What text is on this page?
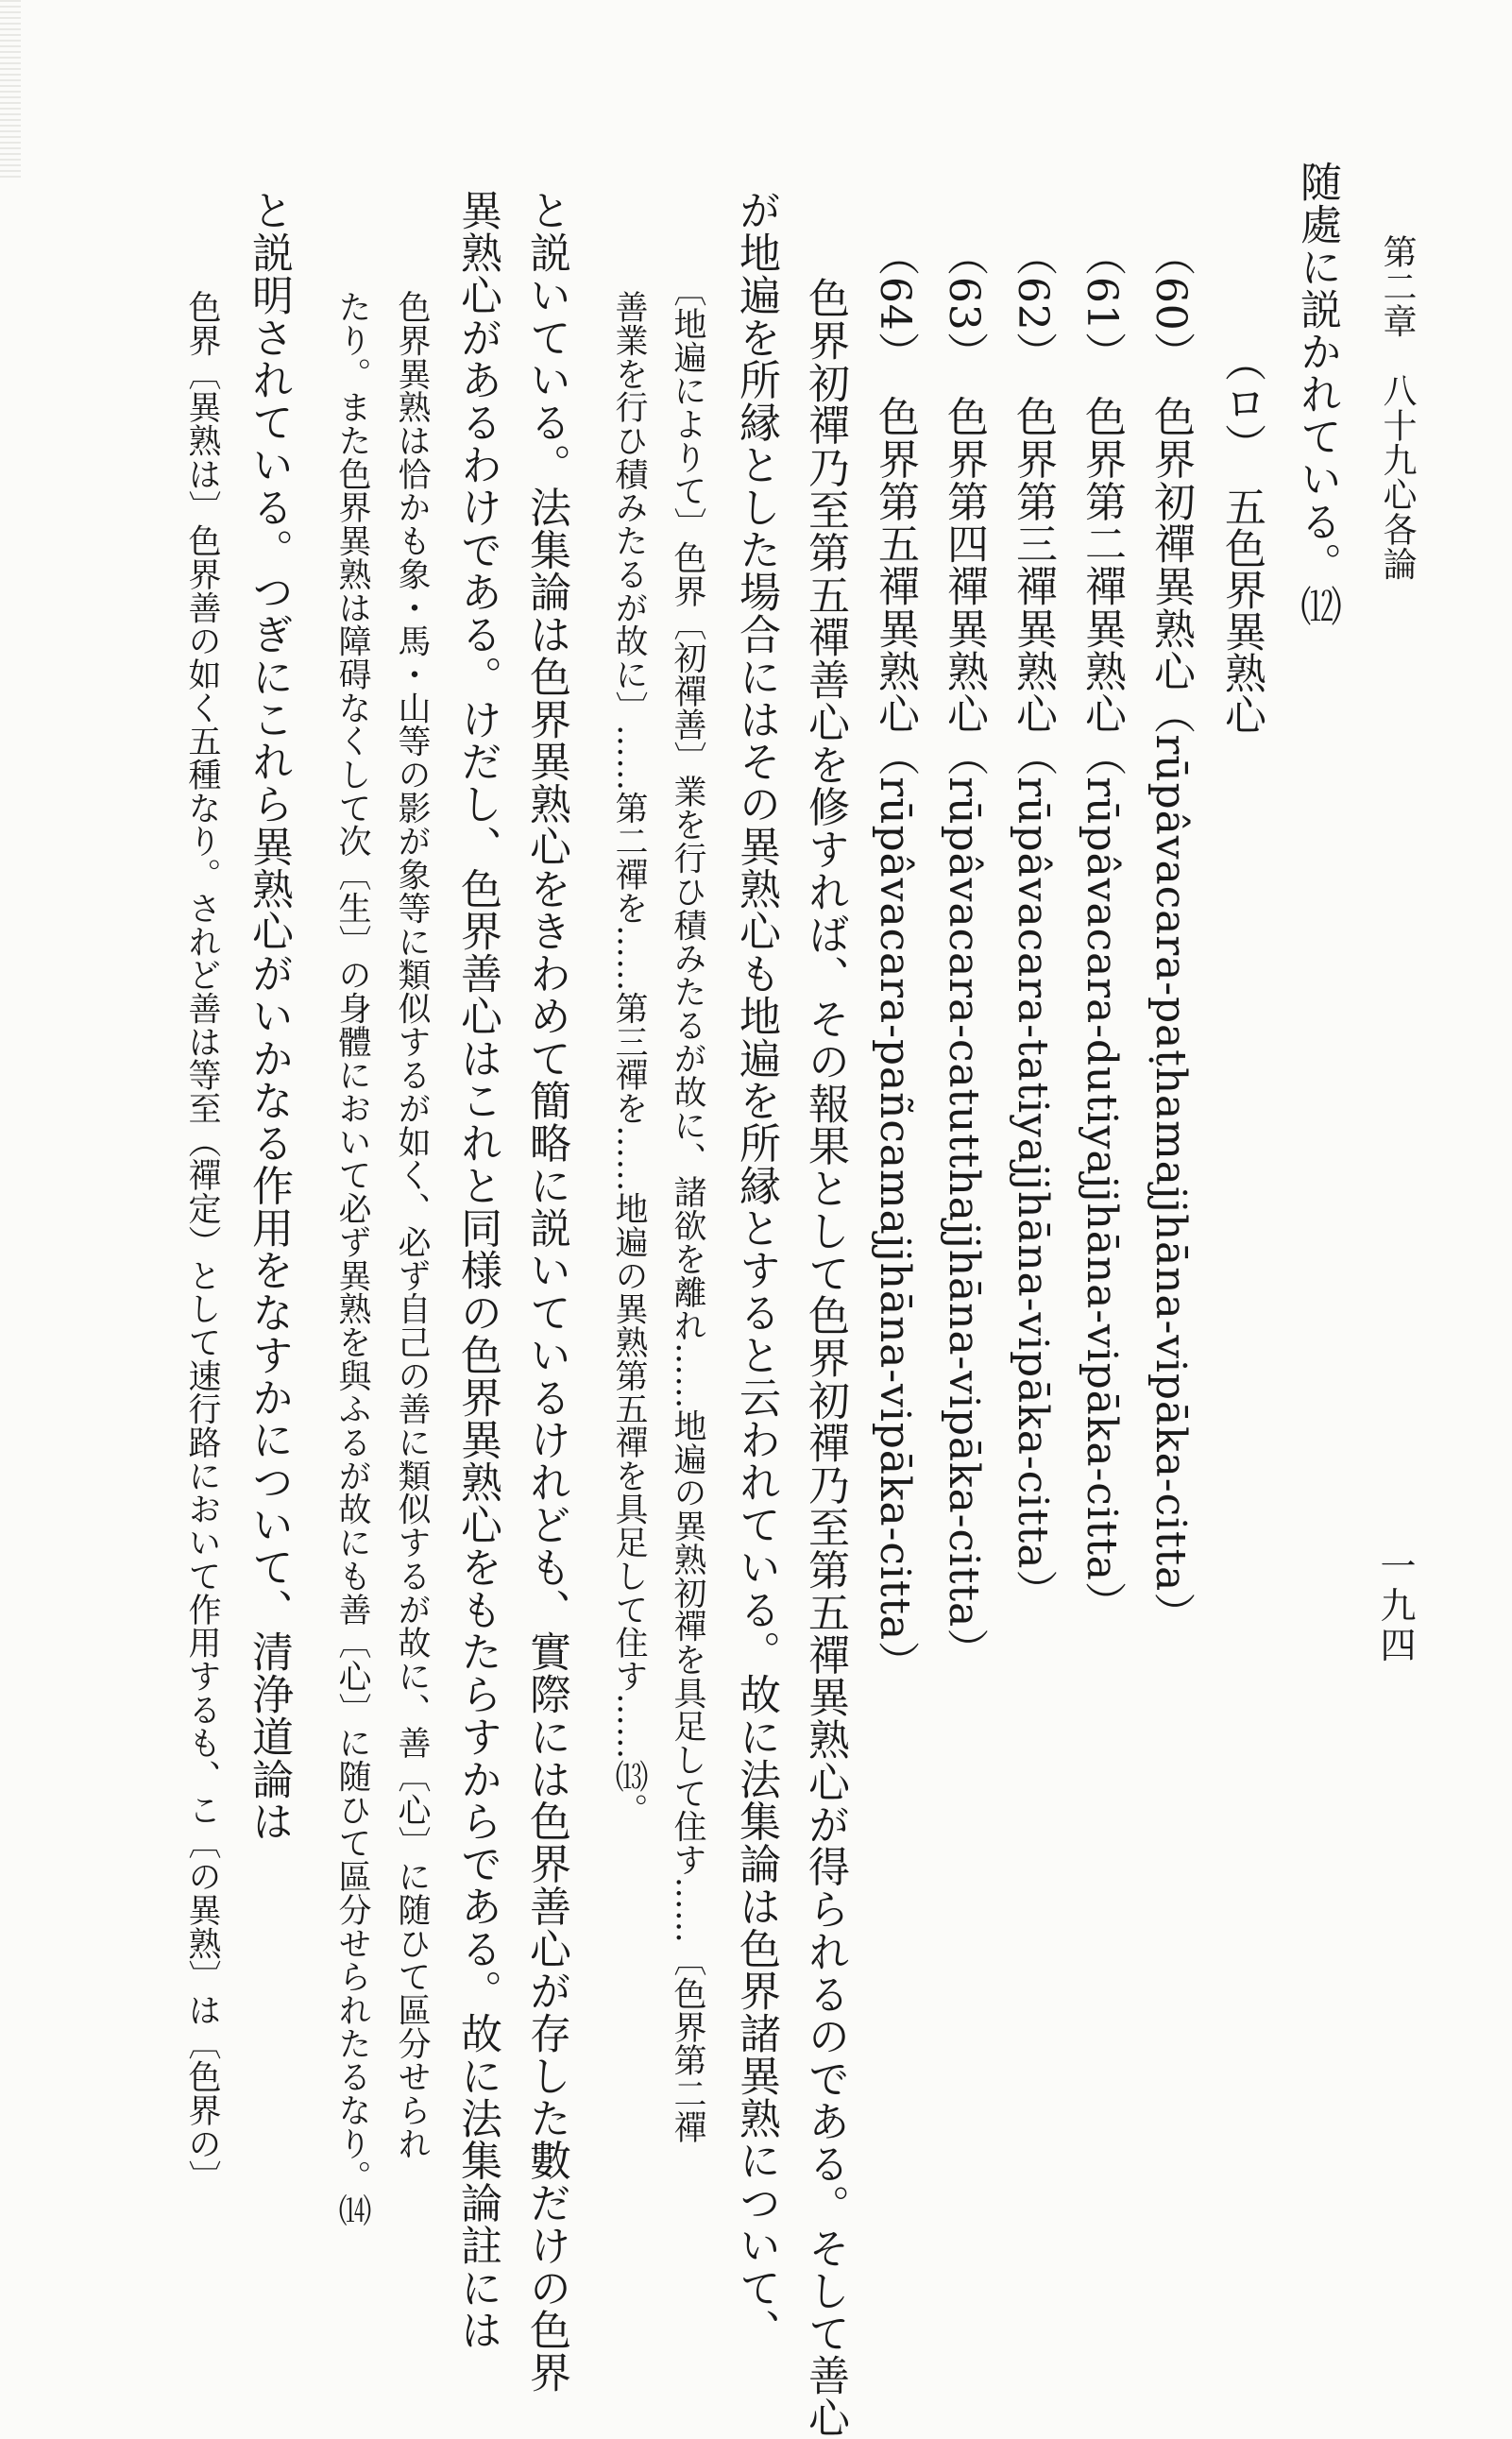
第二章　八十九心各論
一九四
随處に説かれている。⑿
（ロ）　五色界異熟心
（60）　色界初禪異熟心（rūpâvacara-paṭhamajjhāna-vipāka-citta）
（61）　色界第二禪異熟心（rūpâvacara-dutiyajjhāna-vipāka-citta）
（62）　色界第三禪異熟心（rūpâvacara-tatiyajjhāna-vipāka-citta）
（63）　色界第四禪異熟心（rūpâvacara-catutthajjhāna-vipāka-citta）
（64）　色界第五禪異熟心（rūpâvacara-pañcamajjhāna-vipāka-citta）
　色界初禪乃至第五禪善心を修すれば、その報果として色界初禪乃至第五禪異熟心が得られるのである。そして善心
が地遍を所縁とした場合にはその異熟心も地遍を所縁とすると云われている。故に法集論は色界諸異熟について、
　〔地遍によりて〕色界〔初禪善〕業を行ひ積みたるが故に、諸欲を離れ……地遍の異熟初禪を具足して住す……〔色界第二禪
　善業を行ひ積みたるが故に〕……第二禪を……第三禪を……地遍の異熟第五禪を具足して住す……⒀。
と説いている。法集論は色界異熟心をきわめて簡略に説いているけれども、實際には色界善心が存した數だけの色界
異熟心があるわけである。けだし、色界善心はこれと同様の色界異熟心をもたらすからである。故に法集論註には
　色界異熟は恰かも象・馬・山等の影が象等に類似するが如く、必ず自己の善に類似するが故に、善〔心〕に随ひて區分せられ
　たり。また色界異熟は障碍なくして次〔生〕の身體において必ず異熟を與ふるが故にも善〔心〕に随ひて區分せられたるなり。⒁
と説明されている。つぎにこれら異熟心がいかなる作用をなすかについて、清浄道論は
　色界〔異熟は〕色界善の如く五種なり。されど善は等至（禪定）として速行路において作用するも、こ〔の異熟〕は〔色界の〕
